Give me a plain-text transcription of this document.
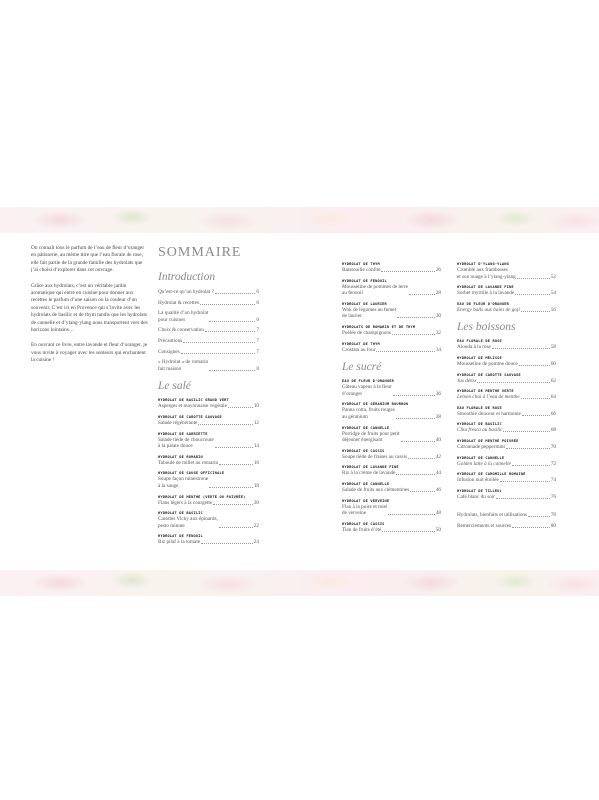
On connaît tous le parfum de l’eau de fleur d’oranger en pâtisserie, au même titre que l’eau florale de rose, elle fait partie de la grande famille des hydrolats que j’ai choisi d’explorer dans cet ouvrage.

Grâce aux hydrolats, c’est un véritable jardin aromatique qui entre en cuisine pour donner aux recettes le parfum d’une saison ou la couleur d’un souvenir. C’est ici en Provence qui s’invite avec les hydrolats de basilic et de thym tandis que les hydrolats de cannelle et d’ylang-ylang nous transportent vers des horizons lointains…

En ouvrant ce livre, entre lavande et fleur d’oranger, je vous invite à voyager avec les senteurs qui enchantent la cuisine !

SOMMAIRE
Introduction
Qu’est-ce qu’un hydrolat ?	6
Hydrolat & recettes	6
La qualité d’un hydrolat
pour cuisiner	6
Choix & conservation	7
Précautions	7
Consignes	7
« Hydrolat » de romarin
fait maison	8
Le salé
HYDROLAT DE BASILIC GRAND VERT
Asperges et mayonnaise végétale	10
HYDROLAT DE CAROTTE SAUVAGE
Salade régénérante	12
HYDROLAT DE SARRIETTE
Salade tiède de choucroute
à la patate douce	14
HYDROLAT DE ROMARIN
Taboulé de millet au romarin	16
HYDROLAT DE SAUGE OFFICINALE
Soupe façon minestrone
à la sauge	18
HYDROLAT DE MENTHE (VERTE OU POIVRÉE)
Flans légers à la courgette	20
HYDROLAT DE BASILIC
Carottes Vichy aux épinards,
pesto minute	22
HYDROLAT DE FENOUIL
Riz pilaf à la tomate	24
HYDROLAT DE THYM
Ratatouille confite	26
HYDROLAT DE FENOUIL
Mousseline de pommes de terre
au fenouil	28
HYDROLAT DE LAURIER
Wok de légumes au fumet
de laurier	30
HYDROLATS DE ROMARIN ET DE THYM
Poêlée de champignons	32
HYDROLAT DE THYM
Crostata au four	34
Le sucré
EAU DE FLEUR D’ORANGER
Gâteau vapeur à la fleur
d’oranger	36
HYDROLAT DE GÉRANIUM BOURBON
Panna cotta, fruits rouges
au géranium	38
HYDROLAT DE CANNELLE
Porridge de fruits pour petit
déjeuner énergisant	40
HYDROLAT DE CASSIS
Soupe tiède de fraises au cassis	42
HYDROLAT DE LAVANDE FINE
Riz à la crème de lavande	44
HYDROLAT DE CANNELLE
Salade de fruits aux clémentines	46
HYDROLAT DE VERVEINE
Flan à la poire et miel
de verveine	48
HYDROLAT DE CASSIS
Tian de fruits d’été	50
HYDROLAT D’YLANG-YLANG
Crumble aux framboises
et son nuage à l’ylang-ylang	52
HYDROLAT DE LAVANDE FINE
Sorbet myrtille à la lavande	54
EAU DE FLEUR D’ORANGER
Energy balls aux baies de goji	56
Les boissons
EAU FLORALE DE ROSE
Alouda à la rose	58
HYDROLAT DE MÉLISSE
Mousseline de pomme douce	60
HYDROLAT DE CAROTTE SAUVAGE
Jus détox	62
HYDROLAT DE MENTHE VERTE
Lemon chai à l’eau de menthe	64
EAU FLORALE DE ROSE
Smoothie douceur et harmonie	66
HYDROLAT DE BASILIC
Chia fresca au basilic	68
HYDROLAT DE MENTHE POIVRÉE
Citronnade peppermint	70
HYDROLAT DE CANNELLE
Golden latte à la cannelle	72
HYDROLAT DE CAMOMILLE ROMAINE
Infusion nuit étoilée	74
HYDROLAT DE TILLEUL
Café blanc du soir	76
Hydrolats, bienfaits et utilisations	78
Remerciements et sources	80
